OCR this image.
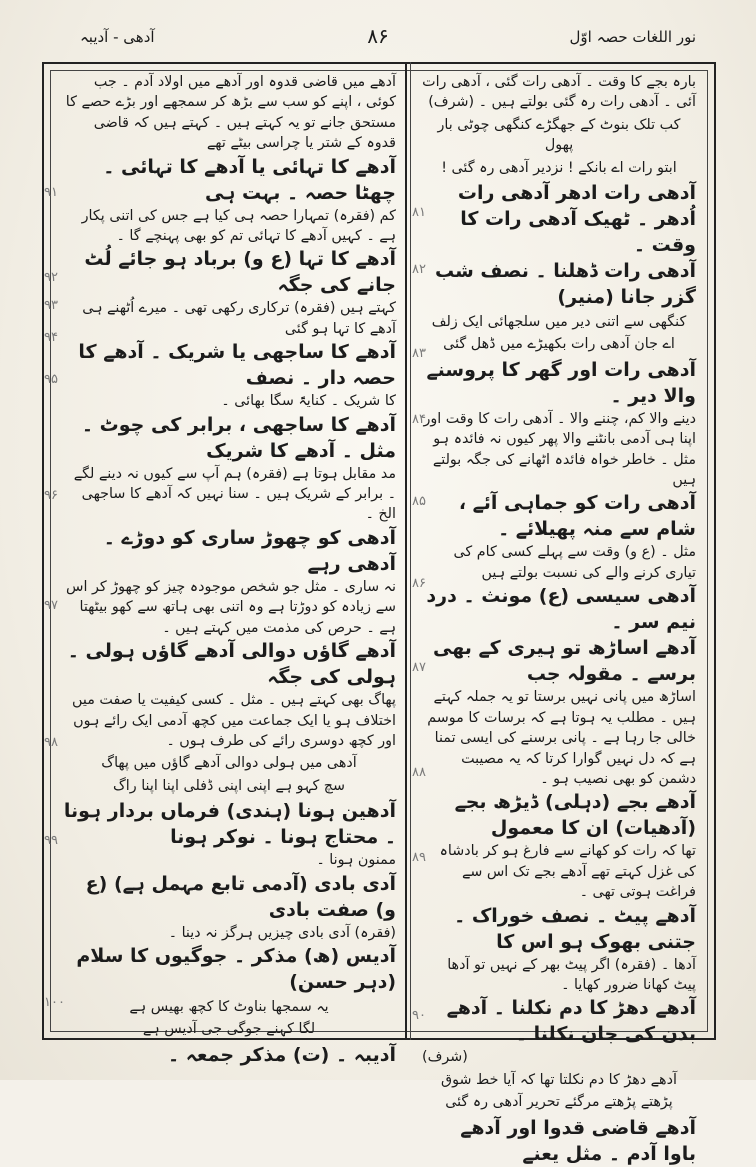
نور اللغات حصہ اوّل
۸۶
آدھی - آدیبہ

بارہ بجے کا وقت ۔ آدھی رات گئی ، آدھی رات آئی ۔ آدھی رات رہ گئی بولتے ہیں ۔ (شرف)

کب تلک بنوٹ کے جھگڑے کنگھی چوٹی بار پھول

ابتو رات اے بانکے ! نزدیر آدھی رہ گئی !

آدھی رات ادھر آدھی رات اُدھر ۔ ٹھیک آدھی رات کا وقت ۔

آدھی رات ڈھلنا ۔ نصف شب گزر جانا (منیر)

کنگھی سے اتنی دیر میں سلجھائی ایک زلف

اے جان آدھی رات بکھیڑے میں ڈھل گئی

آدھی رات اور گھر کا پروسنے والا دیر ۔

دینے والا کم، چننے والا ۔ آدھی رات کا وقت اور اپنا ہی آدمی بانٹنے والا پھر کیوں نہ فائدہ ہو مثل ۔ خاطر خواہ فائدہ اٹھانے کی جگہ بولتے ہیں

آدھی رات کو جماہی آئے ، شام سے منہ پھیلائے ۔

مثل ۔ (ع و) وقت سے پہلے کسی کام کی تیاری کرنے والے کی نسبت بولتے ہیں

آدھی سیسی (ع) مونث ۔ درد نیم سر ۔

آدھے اساڑھ تو ہیری کے بھی برسے ۔ مقولہ جب

اساڑھ میں پانی نہیں برستا تو یہ جملہ کہتے ہیں ۔ مطلب یہ ہوتا ہے کہ برسات کا موسم خالی جا رہا ہے ۔ پانی برسنے کی ایسی تمنا ہے کہ دل نہیں گوارا کرتا کہ یہ مصیبت دشمن کو بھی نصیب ہو ۔

آدھے بجے (دہلی) ڈیڑھ بجے (آدھیات) ان کا معمول

تھا کہ رات کو کھانے سے فارغ ہو کر بادشاہ کی غزل کہتے تھے آدھے بجے تک اس سے فراغت ہوتی تھی ۔

آدھے پیٹ ۔ نصف خوراک ۔ جتنی بھوک ہو اس کا

آدھا ۔ (فقرہ) اگر پیٹ بھر کے نہیں تو آدھا پیٹ کھانا ضرور کھایا ۔

آدھے دھڑ کا دم نکلنا ۔ آدھے بدن کی جان نکلنا ۔

(شرف)

آدھے دھڑ کا دم نکلتا تھا کہ آیا خط شوق

پڑھتے پڑھتے مرگئے تحریر آدھی رہ گئی

آدھے قاضی قدوا اور آدھے باوا آدم ۔ مثل یعنے

آدھے میں قاضی قدوہ اور آدھے میں اولاد آدم ۔ جب کوئی ، اپنے کو سب سے بڑھ کر سمجھے اور بڑے حصے کا مستحق جانے تو یہ کہتے ہیں ۔ کہتے ہیں کہ قاضی قدوہ کے شتر یا چراسی بیٹے تھے

آدھے کا تہائی یا آدھے کا تہائی ۔ چھٹا حصہ ۔ بہت ہی

کم (فقرہ) تمہارا حصہ ہی کیا ہے جس کی اتنی پکار ہے ۔ کہیں آدھے کا تہائی تم کو بھی پہنچے گا ۔

آدھے کا تہا (ع و) برباد ہو جائے لُٹ جانے کی جگہ

کہتے ہیں (فقرہ) ترکاری رکھی تھی ۔ میرے اُٹھنے ہی آدھے کا تہا ہو گئی

آدھے کا ساجھی یا شریک ۔ آدھے کا حصہ دار ۔ نصف

کا شریک ۔ کنایۃً سگا بھائی ۔

آدھے کا ساجھی ، برابر کی چوٹ ۔ مثل ۔ آدھے کا شریک

مد مقابل ہوتا ہے (فقرہ) ہم آپ سے کیوں نہ دینے لگے ۔ برابر کے شریک ہیں ۔ سنا نہیں کہ آدھے کا ساجھی الخ ۔

آدھی کو چھوڑ ساری کو دوڑے ۔ آدھی رہے

نہ ساری ۔ مثل جو شخص موجودہ چیز کو چھوڑ کر اس سے زیادہ کو دوڑتا ہے وہ اتنی بھی ہاتھ سے کھو بیٹھتا ہے ۔ حرص کی مذمت میں کہتے ہیں ۔

آدھے گاؤں دوالی آدھے گاؤں ہولی ۔ ہولی کی جگہ

پھاگ بھی کہتے ہیں ۔ مثل ۔ کسی کیفیت یا صفت میں اختلاف ہو یا ایک جماعت میں کچھ آدمی ایک رائے ہوں اور کچھ دوسری رائے کی طرف ہوں ۔

آدھی میں ہولی دوالی آدھے گاؤں میں پھاگ

سچ کہو ہے اپنی اپنی ڈفلی اپنا اپنا راگ

آدھین ہونا (ہندی) فرماں بردار ہونا ۔ محتاج ہونا ۔ نوکر ہونا

ممنون ہونا ۔

آدی بادی (آدمی تابع مہمل ہے) (ع و) صفت بادی

(فقرہ) آدی بادی چیزیں ہرگز نہ دینا ۔

آدیس (ھ) مذکر ۔ جوگیوں کا سلام (دہر حسن)

یہ سمجھا بناوٹ کا کچھ بھیس ہے

لگا کہنے جوگی جی آدیس ہے

آدیبہ ۔ (ت) مذکر جمعہ ۔

۹۱
۹۲
۹۳
۹۴
۹۵
۹۶
۹۷
۹۸
۹۹
۱۰۰
۸۱
۸۲
۸۳
۸۴
۸۵
۸۶
۸۷
۸۸
۸۹
۹۰
